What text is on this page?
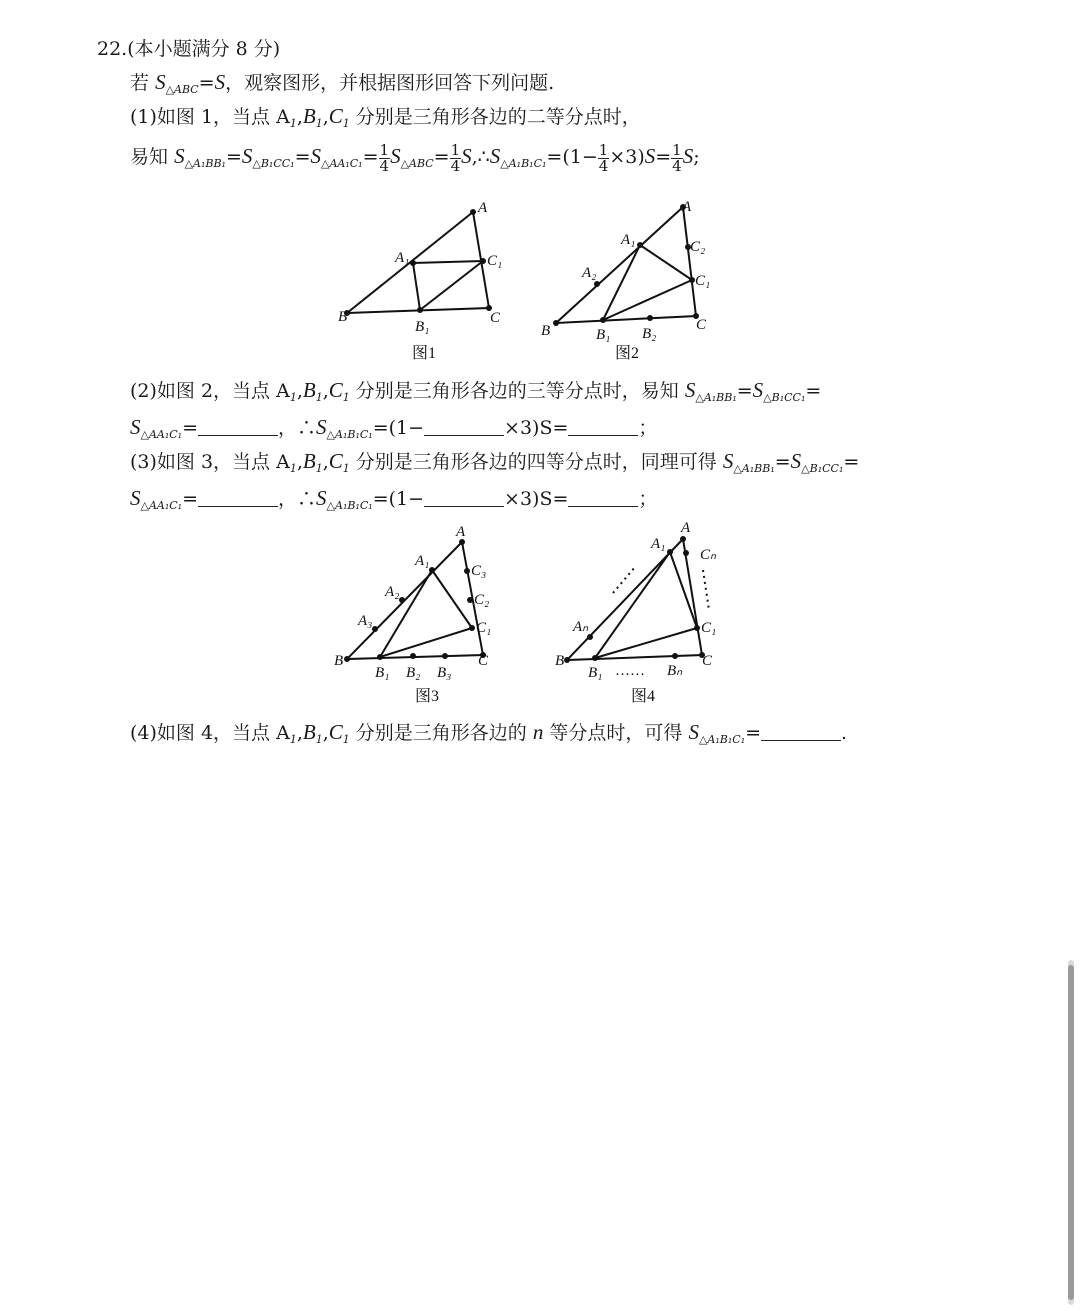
22.(本小题满分 8 分)
若 $S_{\triangle ABC}=S$，观察图形，并根据图形回答下列问题.
(1)如图 1，当点 $A_1,B_1,C_1$ 分别是三角形各边的二等分点时，
易知 $S_{\triangle A_1BB_1}=S_{\triangle B_1CC_1}=S_{\triangle AA_1C_1}= \frac{1}{4} S_{\triangle ABC}= \frac{1}{4}$ $S,\therefore S_{\triangle A_1B_1C_1}=(1- \frac{1}{4} \times 3)S= \frac{1}{4} S$;
A
A₁	C₁
B
B₁
C
图1
A
A₁	C₂
A₂	C₁
B	B₁ B₂
C
图2
(2)如图 2，当点 $A_1,B_1,C_1$ 分别是三角形各边的三等分点时，易知 $S_{\triangle A_1BB_1}=S_{\triangle B_1CC_1}=$
$S_{\triangle AA_1C_1}=$	，$\therefore S_{\triangle A_1B_1C_1}=(1-$	×3)S=	；
(3)如图 3，当点 $A_1,B_1,C_1$ 分别是三角形各边的四等分点时，同理可得 $S_{\triangle A_1BB_1}=S_{\triangle B_1CC_1}=$
$S_{\triangle AA_1C_1}=$	，$\therefore S_{\triangle A_1B_1C_1}=(1-$	×3)S=	；
A
A₁
C₃
A₂	C₂
A₃	C₁
B
B₁ B₂ B₃
C
图3
A
A₁
Cₙ
Aₙ	C₁
B
B₁ …… Bₙ
C
图4
(4)如图 4，当点 $A_1,B_1,C_1$ 分别是三角形各边的 n 等分点时，可得 $S_{\triangle A_1B_1C_1}=$	.
